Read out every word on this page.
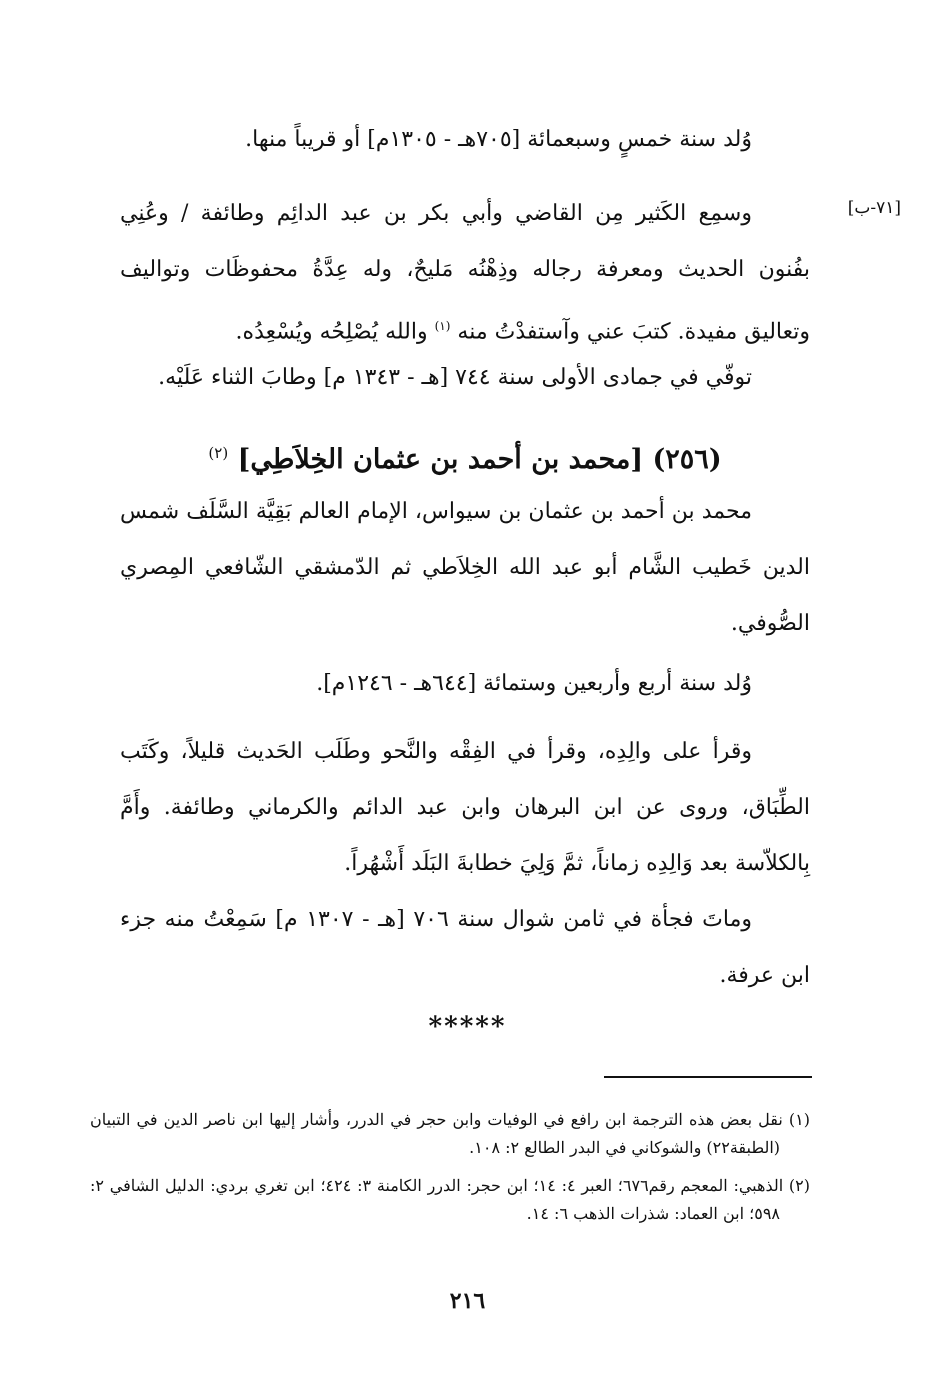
وُلد سنة خمسٍ وسبعمائة [٧٠٥هـ - ١٣٠٥م] أو قريباً منها.
[٧١-ب]
وسمِع الكَثير مِن القاضي وأبي بكر بن عبد الدائِم وطائفة / وعُنِي بفُنون الحديث ومعرفة رجاله وذِهْنُه مَليحٌ، وله عِدَّةُ محفوظَات وتواليف وتعاليق مفيدة. كتبَ عني وآستفدْتُ منه $^{(١)}$ والله يُصْلِحُه ويُسْعِدُه.
توفّي في جمادى الأولى سنة ٧٤٤ [هـ - ١٣٤٣ م] وطابَ الثناء عَلَيْه.
(٢٥٦) [محمد بن أحمد بن عثمان الخِلاَطِي] $^{(٢)}$
محمد بن أحمد بن عثمان بن سيواس، الإمام العالم بَقِيَّة السَّلَف شمس الدين خَطيب الشَّام أبو عبد الله الخِلاَطي ثم الدّمشقي الشّافعي المِصري الصُّوفي.
وُلد سنة أربع وأربعين وستمائة [٦٤٤هـ - ١٢٤٦م].
وقرأ على والِدِه، وقرأ في الفِقْه والنَّحو وطَلَب الحَديث قليلاً، وكَتَب الطِّبَاق، وروى عن ابن البرهان وابن عبد الدائم والكرماني وطائفة. وأَمَّ بِالكلاّسة بعد وَالِدِه زماناً، ثمَّ وَلِيَ خطابةَ البَلَد أَشْهُراً.
وماتَ فجأة في ثامن شوال سنة ٧٠٦ [هـ - ١٣٠٧ م] سَمِعْتُ منه جزء ابن عرفة.
*****
(١) نقل بعض هذه الترجمة ابن رافع في الوفيات وابن حجر في الدرر، وأشار إليها ابن ناصر الدين في التبيان (الطبقة٢٢) والشوكاني في البدر الطالع ٢: ١٠٨.
(٢) الذهبي: المعجم رقم٦٧٦؛ العبر ٤: ١٤؛ ابن حجر: الدرر الكامنة ٣: ٤٢٤؛ ابن تغري بردي: الدليل الشافي ٢: ٥٩٨؛ ابن العماد: شذرات الذهب ٦: ١٤.
٢١٦
